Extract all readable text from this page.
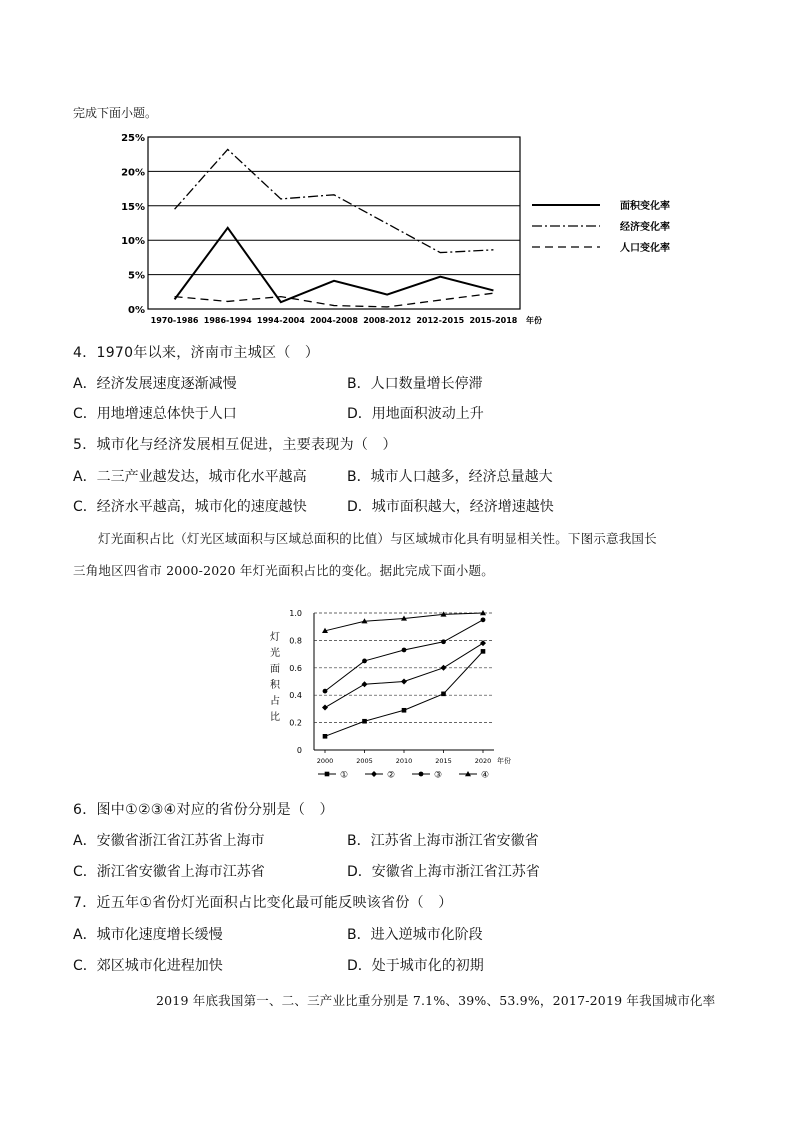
完成下面小题。
0%
5%
10%
15%
20%
25%
1970-1986 1986-1994 1994-2004 2004-2008 2008-2012 2012-2015 2015-2018 年份
面积变化率
经济变化率
人口变化率
4．1970年以来，济南市主城区（　）
A．经济发展速度逐渐减慢	B．人口数量增长停滞
C．用地增速总体快于人口	D．用地面积波动上升
5．城市化与经济发展相互促进，主要表现为（　）
A．二三产业越发达，城市化水平越高	B．城市人口越多，经济总量越大
C．经济水平越高，城市化的速度越快	D．城市面积越大，经济增速越快
灯光面积占比（灯光区域面积与区域总面积的比值）与区域城市化具有明显相关性。下图示意我国长
三角地区四省市 2000-2020 年灯光面积占比的变化。据此完成下面小题。
灯
光
面
积
占
比
0
0.2
0.4
0.6
0.8
1.0
2000	2005	2010	2015	2020 年份
①	②	③	④
6．图中①②③④对应的省份分别是（　）
A．安徽省浙江省江苏省上海市	B．江苏省上海市浙江省安徽省
C．浙江省安徽省上海市江苏省	D．安徽省上海市浙江省江苏省
7．近五年①省份灯光面积占比变化最可能反映该省份（　）
A．城市化速度增长缓慢	B．进入逆城市化阶段
C．郊区城市化进程加快	D．处于城市化的初期
2019 年底我国第一、二、三产业比重分别是 7.1%、39%、53.9%，2017-2019 年我国城市化率
